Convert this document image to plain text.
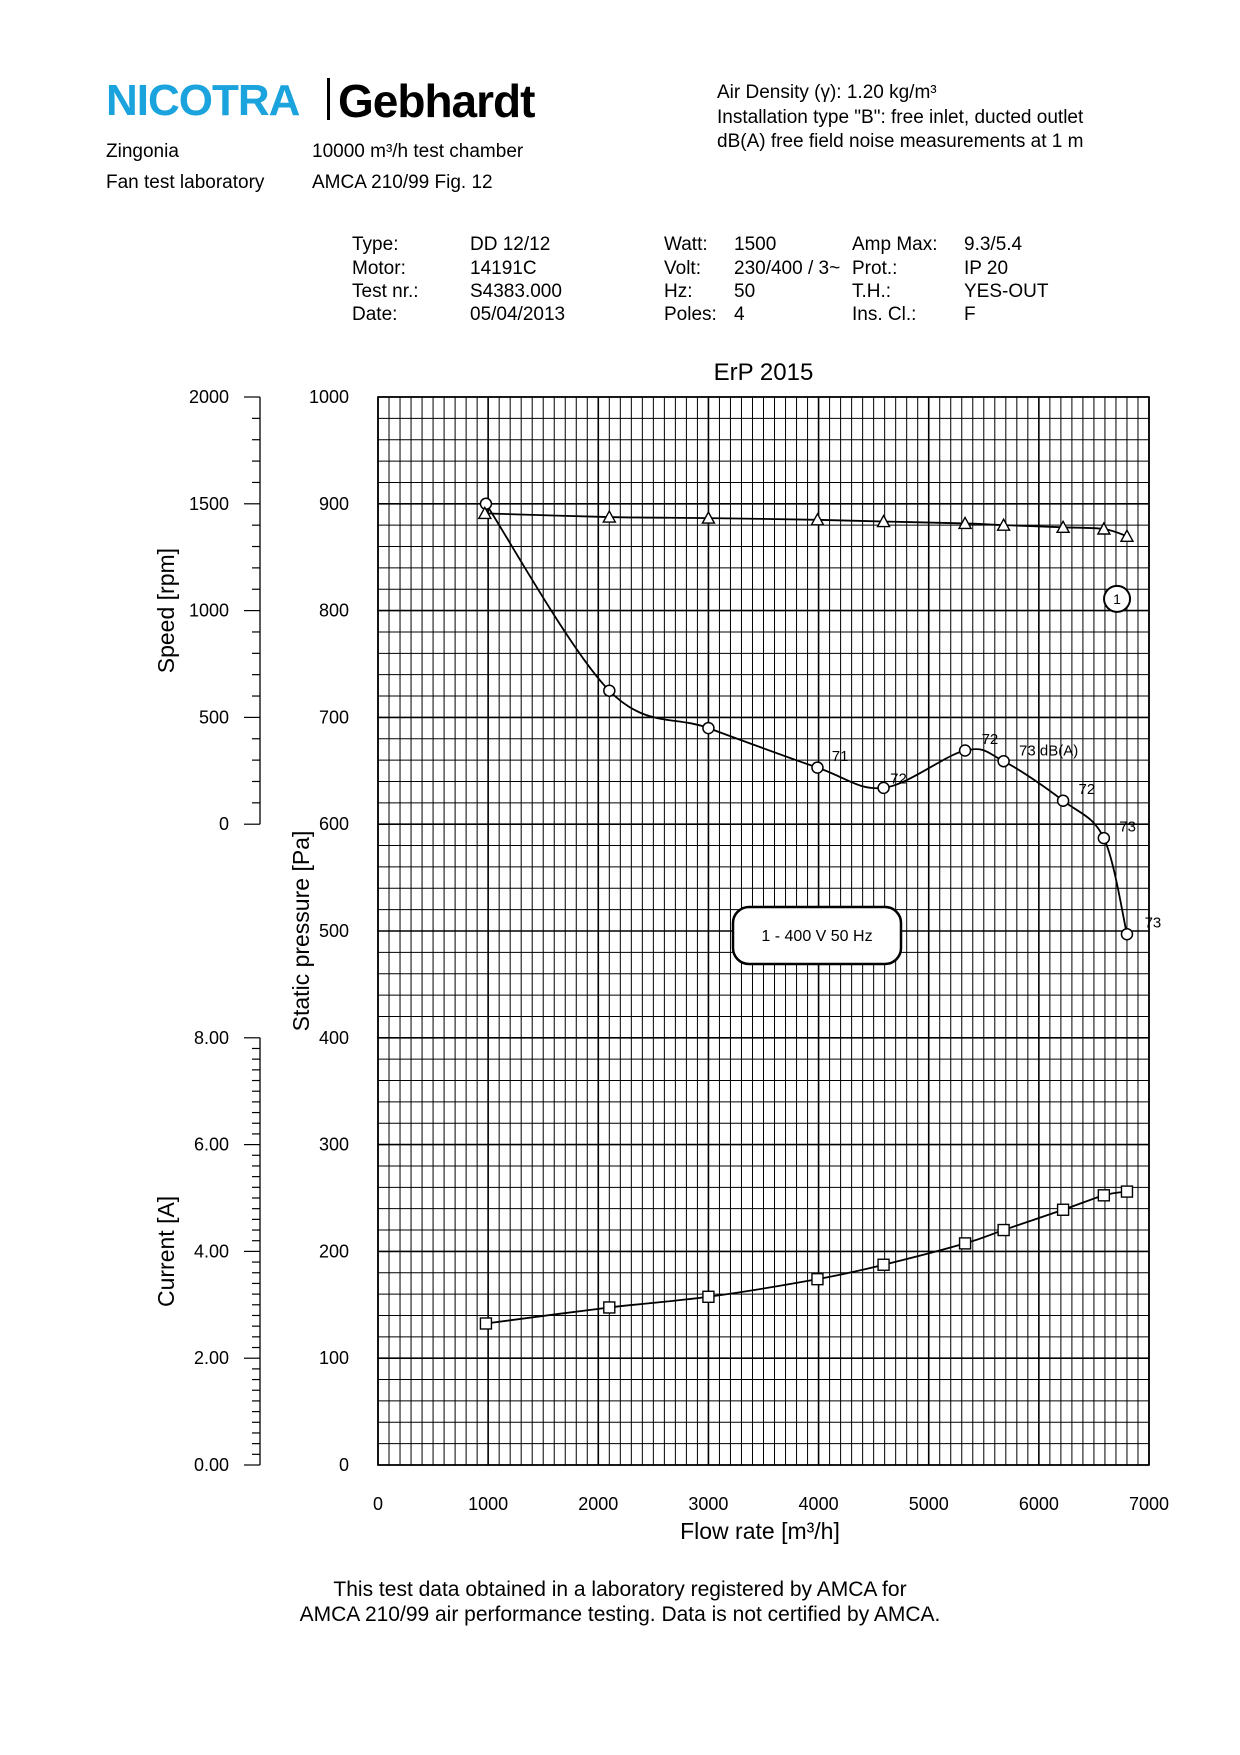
NICOTRA Gebhardt
Zingonia
Fan test laboratory
10000 m³/h test chamber
AMCA 210/99 Fig. 12
Air Density (γ): 1.20 kg/m³
Installation type "B": free inlet, ducted outlet
dB(A) free field noise measurements at 1 m
Type:	DD 12/12
Motor:	14191C
Test nr.:	S4383.000
Date:	05/04/2013
Watt: 1500
Volt: 230/400 / 3~
Hz: 50
Poles: 4
Amp Max: 9.3/5.4
Prot.:	IP 20
T.H.:	YES-OUT
Ins. Cl.:	F
ErP 2015
0	1000	2000	3000	4000	5000	6000	7000
Flow rate [m³/h]
0
100
200
300
400
500
600
700
800
900
1000
Static pressure [Pa]
0
500
1000
1500
2000
Speed [rpm]
0.00
2.00
4.00
6.00
8.00
Current [A]
71
72
72
73 dB(A)
72
73
73
1
1 - 400 V 50 Hz
This test data obtained in a laboratory registered by AMCA for
AMCA 210/99 air performance testing. Data is not certified by AMCA.
